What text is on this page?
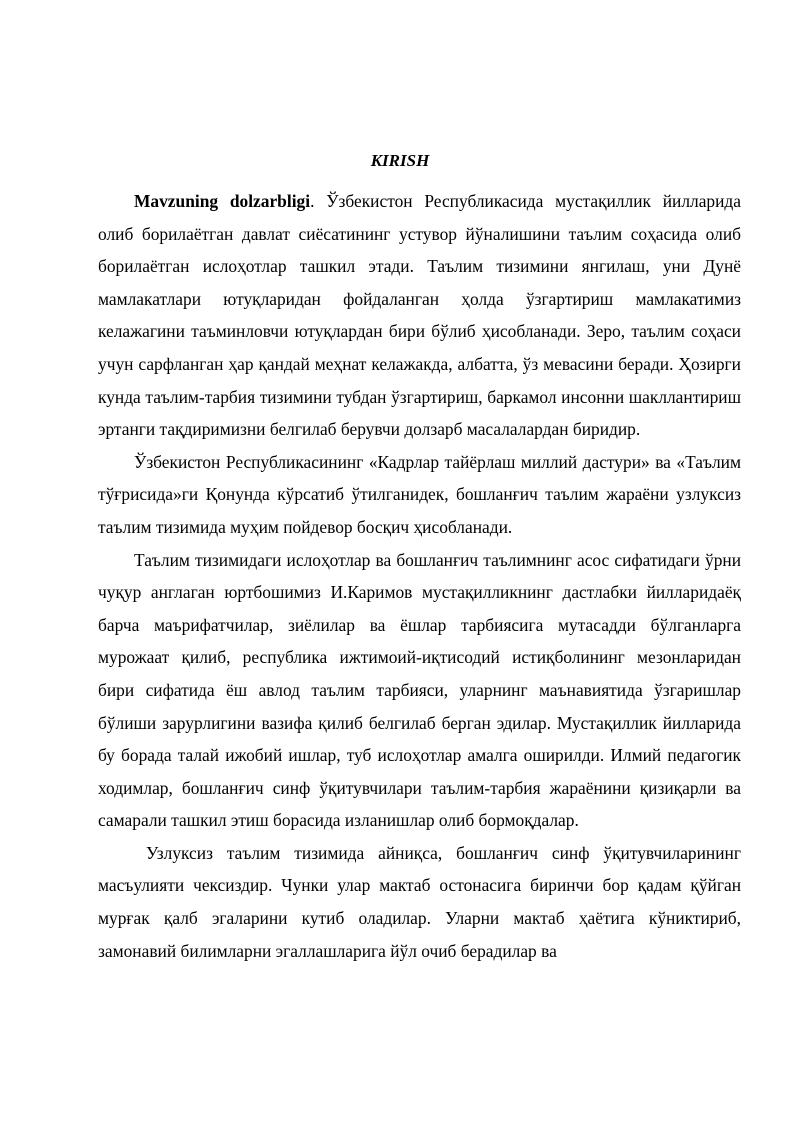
KIRISH

Mavzuning dolzarbligi. Ўзбекистон Республикасида мустақиллик йилларида олиб борилаётган давлат сиёсатининг устувор йўналишини таълим соҳасида олиб борилаётган ислоҳотлар ташкил этади. Таълим тизимини янгилаш, уни Дунё мамлакатлари ютуқларидан фойдаланган ҳолда ўзгартириш мамлакатимиз келажагини таъминловчи ютуқлардан бири бўлиб ҳисобланади. Зеро, таълим соҳаси учун сарфланган ҳар қандай меҳнат келажакда, албатта, ўз мевасини беради. Ҳозирги кунда таълим-тарбия тизимини тубдан ўзгартириш, баркамол инсонни шакллантириш эртанги тақдиримизни белгилаб берувчи долзарб масалалардан биридир.

Ўзбекистон Республикасининг «Кадрлар тайёрлаш миллий дастури» ва «Таълим тўғрисида»ги Қонунда кўрсатиб ўтилганидек, бошланғич таълим жараёни узлуксиз таълим тизимида муҳим пойдевор босқич ҳисобланади.

Таълим тизимидаги ислоҳотлар ва бошланғич таълимнинг асос сифатидаги ўрни чуқур англаган юртбошимиз И.Каримов мустақилликнинг дастлабки йилларидаёқ барча маърифатчилар, зиёлилар ва ёшлар тарбиясига мутасадди бўлганларга мурожаат қилиб, республика ижтимоий-иқтисодий истиқболининг мезонларидан бири сифатида ёш авлод таълим тарбияси, уларнинг маънавиятида ўзгаришлар бўлиши зарурлигини вазифа қилиб белгилаб берган эдилар. Мустақиллик йилларида бу борада талай ижобий ишлар, туб ислоҳотлар амалга оширилди. Илмий педагогик ходимлар, бошланғич синф ўқитувчилари таълим-тарбия жараёнини қизиқарли ва самарали ташкил этиш борасида изланишлар олиб бормоқдалар.

Узлуксиз таълим тизимида айниқса, бошланғич синф ўқитувчиларининг масъулияти чексиздир. Чунки улар мактаб остонасига биринчи бор қадам қўйган мурғак қалб эгаларини кутиб оладилар. Уларни мактаб ҳаётига кўниктириб, замонавий билимларни эгаллашларига йўл очиб берадилар ва
